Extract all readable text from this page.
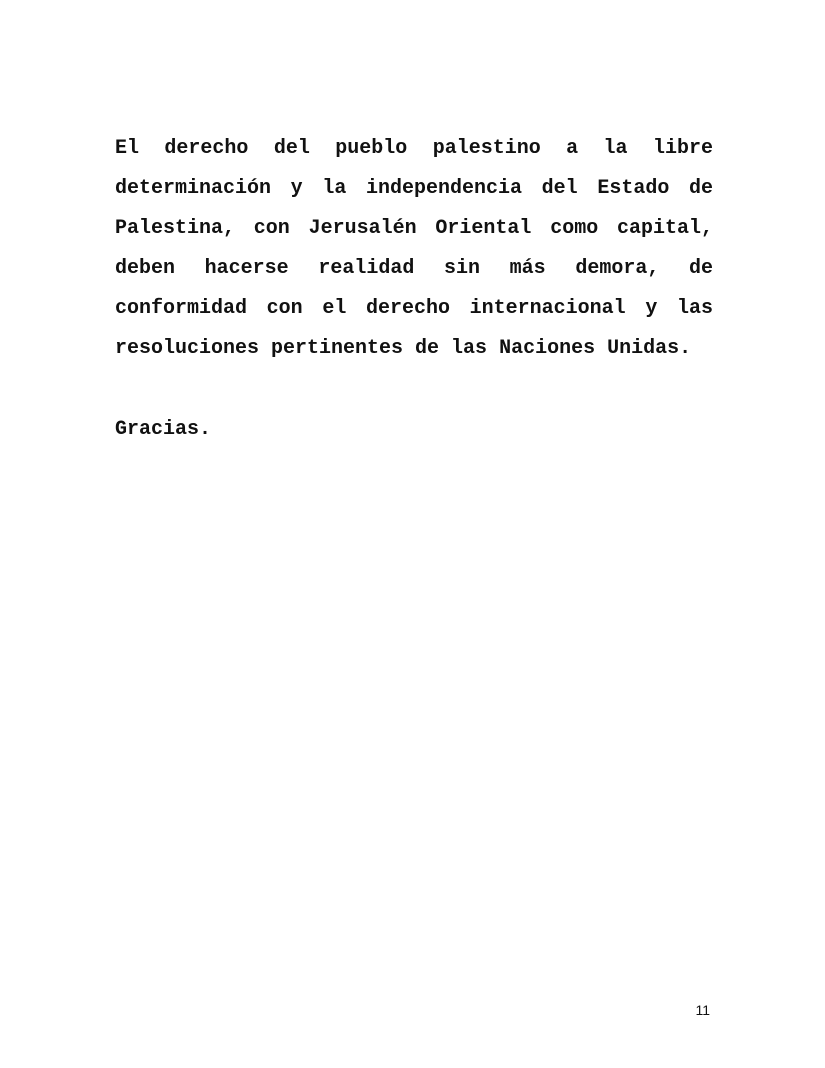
El derecho del pueblo palestino a la libre
determinación y la independencia del Estado de
Palestina, con Jerusalén Oriental como capital,
deben hacerse realidad sin más demora, de
conformidad con el derecho internacional y las
resoluciones pertinentes de las Naciones Unidas.

Gracias.

11
